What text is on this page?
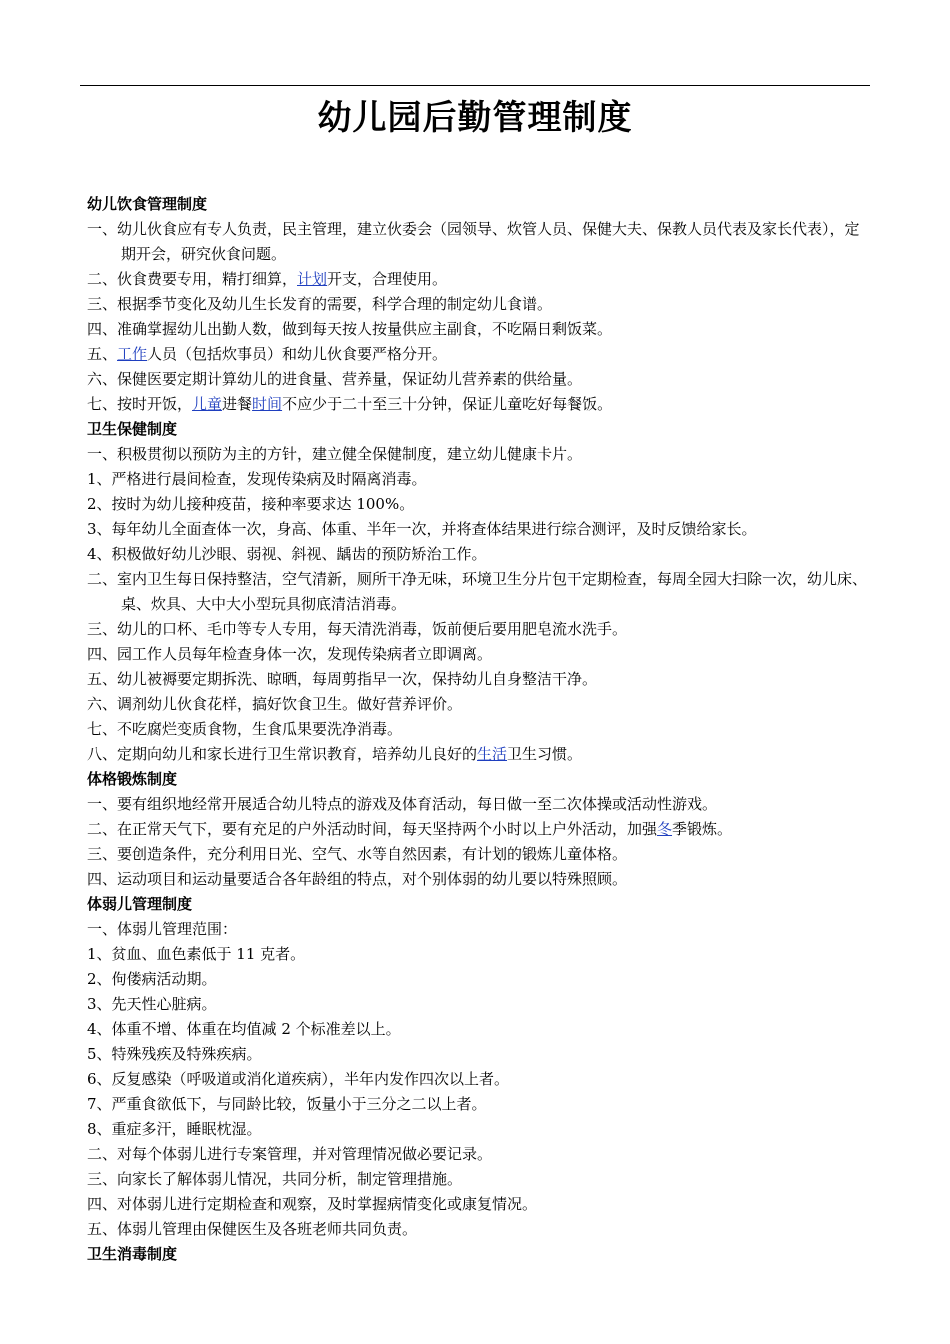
幼儿园后勤管理制度
幼儿饮食管理制度
一、幼儿伙食应有专人负责，民主管理，建立伙委会（园领导、炊管人员、保健大夫、保教人员代表及家长代表），定期开会，研究伙食问题。
二、伙食费要专用，精打细算，计划开支，合理使用。
三、根据季节变化及幼儿生长发育的需要，科学合理的制定幼儿食谱。
四、准确掌握幼儿出勤人数，做到每天按人按量供应主副食，不吃隔日剩饭菜。
五、工作人员（包括炊事员）和幼儿伙食要严格分开。
六、保健医要定期计算幼儿的进食量、营养量，保证幼儿营养素的供给量。
七、按时开饭，儿童进餐时间不应少于二十至三十分钟，保证儿童吃好每餐饭。
卫生保健制度
一、积极贯彻以预防为主的方针，建立健全保健制度，建立幼儿健康卡片。
1、严格进行晨间检查，发现传染病及时隔离消毒。
2、按时为幼儿接种疫苗，接种率要求达 100%。
3、每年幼儿全面查体一次，身高、体重、半年一次，并将查体结果进行综合测评，及时反馈给家长。
4、积极做好幼儿沙眼、弱视、斜视、龋齿的预防矫治工作。
二、室内卫生每日保持整洁，空气清新，厕所干净无味，环境卫生分片包干定期检查，每周全园大扫除一次，幼儿床、桌、炊具、大中大小型玩具彻底清洁消毒。
三、幼儿的口杯、毛巾等专人专用，每天清洗消毒，饭前便后要用肥皂流水洗手。
四、园工作人员每年检查身体一次，发现传染病者立即调离。
五、幼儿被褥要定期拆洗、晾晒，每周剪指早一次，保持幼儿自身整洁干净。
六、调剂幼儿伙食花样，搞好饮食卫生。做好营养评价。
七、不吃腐烂变质食物，生食瓜果要洗净消毒。
八、定期向幼儿和家长进行卫生常识教育，培养幼儿良好的生活卫生习惯。
体格锻炼制度
一、要有组织地经常开展适合幼儿特点的游戏及体育活动，每日做一至二次体操或活动性游戏。
二、在正常天气下，要有充足的户外活动时间，每天坚持两个小时以上户外活动，加强冬季锻炼。
三、要创造条件，充分利用日光、空气、水等自然因素，有计划的锻炼儿童体格。
四、运动项目和运动量要适合各年龄组的特点，对个别体弱的幼儿要以特殊照顾。
体弱儿管理制度
一、体弱儿管理范围：
1、贫血、血色素低于 11 克者。
2、佝偻病活动期。
3、先天性心脏病。
4、体重不增、体重在均值减 2 个标准差以上。
5、特殊残疾及特殊疾病。
6、反复感染（呼吸道或消化道疾病），半年内发作四次以上者。
7、严重食欲低下，与同龄比较，饭量小于三分之二以上者。
8、重症多汗，睡眠枕湿。
二、对每个体弱儿进行专案管理，并对管理情况做必要记录。
三、向家长了解体弱儿情况，共同分析，制定管理措施。
四、对体弱儿进行定期检查和观察，及时掌握病情变化或康复情况。
五、体弱儿管理由保健医生及各班老师共同负责。
卫生消毒制度
